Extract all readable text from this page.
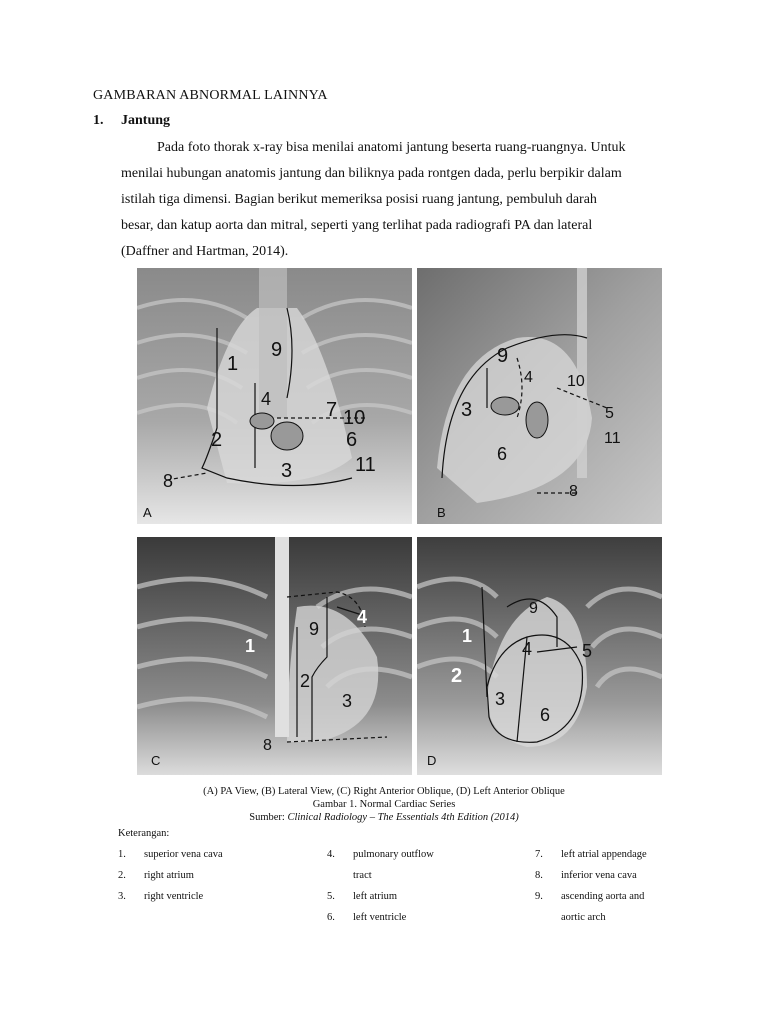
GAMBARAN ABNORMAL LAINNYA
1. Jantung
Pada foto thorak x-ray bisa menilai anatomi jantung beserta ruang-ruangnya. Untuk
menilai hubungan anatomis jantung dan biliknya pada rontgen dada, perlu berpikir dalam
istilah tiga dimensi. Bagian berikut memeriksa posisi ruang jantung, pembuluh darah
besar, dan katup aorta dan mitral, seperti yang terlihat pada radiografi PA dan lateral
(Daffner and Hartman, 2014).
1
9
4	7 10
6
2
3	11
8
A
9
4 10
3	5
11
6
8
B
1
9
4
2
3
8
C
9
1
4	5
2
3
6
D
(A) PA View, (B) Lateral View, (C) Right Anterior Oblique, (D) Left Anterior Oblique
Gambar 1. Normal Cardiac Series
Sumber: Clinical Radiology – The Essentials 4th Edition (2014)
Keterangan:
1. superior vena cava
2. right atrium
3. right ventricle
4. pulmonary outflow
tract
5. left atrium
6. left ventricle
7. left atrial appendage
8. inferior vena cava
9. ascending aorta and
aortic arch
